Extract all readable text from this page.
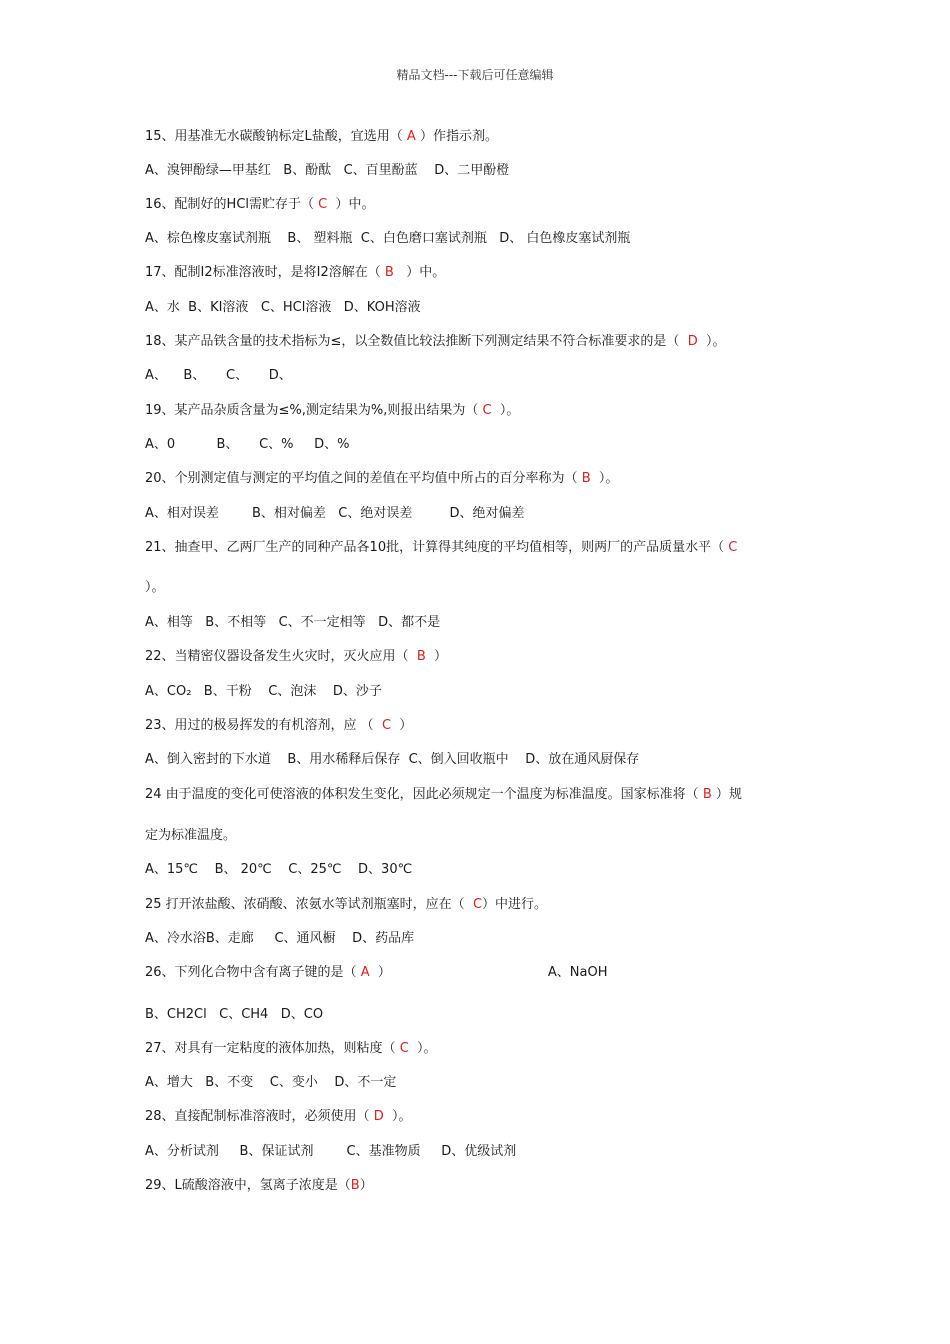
精品文档---下载后可任意编辑
15、用基准无水碳酸钠标定L盐酸，宜选用（ A ）作指示剂。
A、溴钾酚绿—甲基红   B、酚酞   C、百里酚蓝    D、二甲酚橙
16、配制好的HCl需贮存于（ C  ）中。
A、棕色橡皮塞试剂瓶    B、 塑料瓶  C、白色磨口塞试剂瓶   D、 白色橡皮塞试剂瓶
17、配制I2标准溶液时，是将I2溶解在（ B   ）中。
A、水  B、KI溶液   C、HCl溶液   D、KOH溶液
18、某产品铁含量的技术指标为≤，以全数值比较法推断下列测定结果不符合标准要求的是（  D  ）。
A、    B、     C、     D、
19、某产品杂质含量为≤%,测定结果为%,则报出结果为（ C  ）。
A、0          B、     C、%     D、%
20、个别测定值与测定的平均值之间的差值在平均值中所占的百分率称为（ B  ）。
A、相对误差        B、相对偏差   C、绝对误差         D、绝对偏差
21、抽查甲、乙两厂生产的同种产品各10批，计算得其纯度的平均值相等，则两厂的产品质量水平（ C
）。
A、相等   B、不相等   C、不一定相等   D、都不是
22、当精密仪器设备发生火灾时，灭火应用（  B  ）
A、CO₂   B、干粉    C、泡沫    D、沙子
23、用过的极易挥发的有机溶剂，应 （  C  ）
A、倒入密封的下水道    B、用水稀释后保存  C、倒入回收瓶中    D、放在通风厨保存
24 由于温度的变化可使溶液的体积发生变化，因此必须规定一个温度为标准温度。国家标准将（ B ）规
定为标准温度。
A、15℃    B、 20℃    C、25℃    D、30℃
25 打开浓盐酸、浓硝酸、浓氨水等试剂瓶塞时，应在（  C）中进行。
A、冷水浴B、走廊     C、通风橱    D、药品库
26、下列化合物中含有离子键的是（ A  ）                                      A、NaOH
B、CH2Cl   C、CH4   D、CO
27、对具有一定粘度的液体加热，则粘度（ C  ）。
A、增大   B、不变    C、变小    D、不一定
28、直接配制标准溶液时，必须使用（ D  ）。
A、分析试剂     B、保证试剂        C、基准物质     D、优级试剂
29、L硫酸溶液中，氢离子浓度是（B）
